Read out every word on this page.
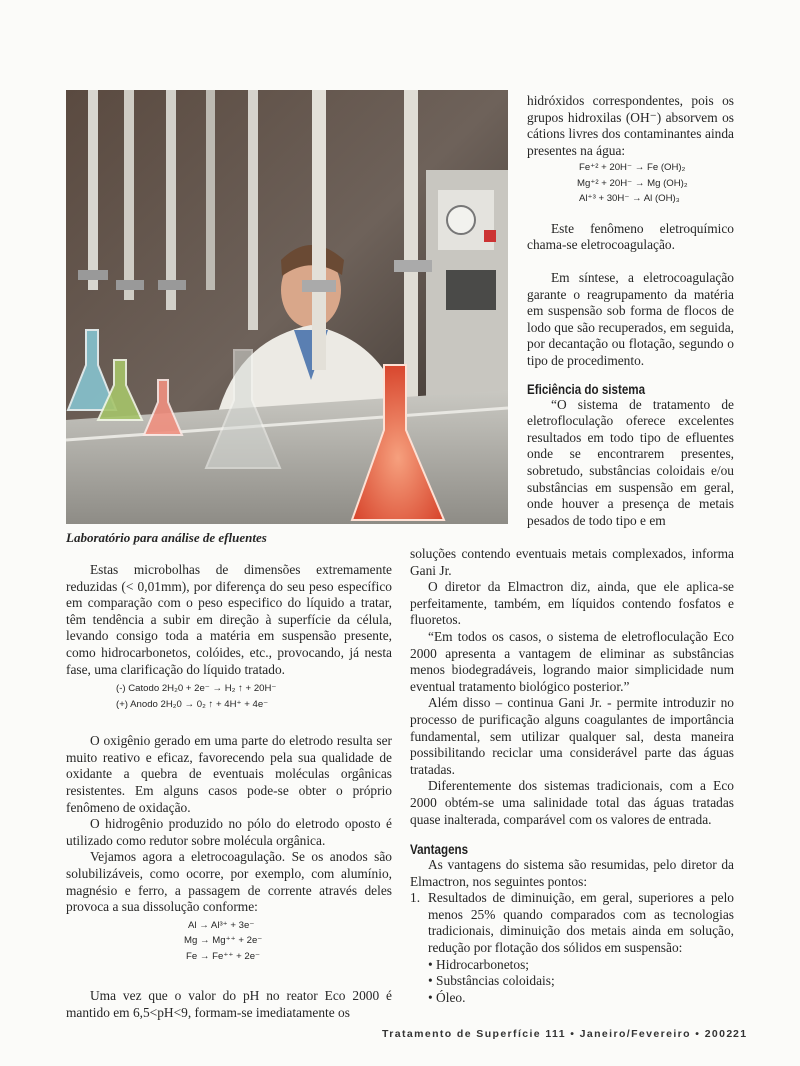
Laboratório para análise de efluentes

Estas microbolhas de dimensões extremamente reduzidas (< 0,01mm), por diferença do seu peso específico em comparação com o peso especifico do líquido a tratar, têm tendência a subir em direção à superfície da célula, levando consigo toda a matéria em suspensão presente, como hidrocarbonetos, colóides, etc., provocando, já nesta fase, uma clarificação do líquido tratado.

(-) Catodo 2H₂0 + 2e⁻ → H₂ ↑ + 20H⁻
(+) Anodo 2H₂0 → 0₂ ↑ + 4H⁺ + 4e⁻

O oxigênio gerado em uma parte do eletrodo resulta ser muito reativo e eficaz, favorecendo pela sua qualidade de oxidante a quebra de eventuais moléculas orgânicas resistentes. Em alguns casos pode-se obter o próprio fenômeno de oxidação.

O hidrogênio produzido no pólo do eletrodo oposto é utilizado como redutor sobre molécula orgânica.

Vejamos agora a eletrocoagulação. Se os anodos são solubilizáveis, como ocorre, por exemplo, com alumínio, magnésio e ferro, a passagem de corrente através deles provoca a sua dissolução conforme:

Al → Al³⁺ + 3e⁻
Mg → Mg⁺⁺ + 2e⁻
Fe → Fe⁺⁺ + 2e⁻

Uma vez que o valor do pH no reator Eco 2000 é mantido em 6,5<pH<9, formam-se imediatamente os

hidróxidos correspondentes, pois os grupos hidroxilas (OH⁻) absorvem os cátions livres dos contaminantes ainda presentes na água:

Fe⁺² + 20H⁻ → Fe (OH)₂
Mg⁺² + 20H⁻ → Mg (OH)₂
Al⁺³ + 30H⁻ → Al (OH)₃

Este fenômeno eletroquímico chama-se eletrocoagulação.

Em síntese, a eletrocoagulação garante o reagrupamento da matéria em suspensão sob forma de flocos de lodo que são recuperados, em seguida, por decantação ou flotação, segundo o tipo de procedimento.

Eficiência do sistema

“O sistema de tratamento de eletrofloculação oferece excelentes resultados em todo tipo de efluentes onde se encontrarem presentes, sobretudo, substâncias coloidais e/ou substâncias em suspensão em geral, onde houver a presença de metais pesados de todo tipo e em

soluções contendo eventuais metais complexados, informa Gani Jr.

O diretor da Elmactron diz, ainda, que ele aplica-se perfeitamente, também, em líquidos contendo fosfatos e fluoretos.

“Em todos os casos, o sistema de eletrofloculação Eco 2000 apresenta a vantagem de eliminar as substâncias menos biodegradáveis, logrando maior simplicidade num eventual tratamento biológico posterior.”

Além disso – continua Gani Jr. - permite introduzir no processo de purificação alguns coagulantes de importância fundamental, sem utilizar qualquer sal, desta maneira possibilitando reciclar uma considerável parte das águas tratadas.

Diferentemente dos sistemas tradicionais, com a Eco 2000 obtém-se uma salinidade total das águas tratadas quase inalterada, comparável com os valores de entrada.

Vantagens

As vantagens do sistema são resumidas, pelo diretor da Elmactron, nos seguintes pontos:

1. Resultados de diminuição, em geral, superiores a pelo menos 25% quando comparados com as tecnologias tradicionais, diminuição dos metais ainda em solução, redução por flotação dos sólidos em suspensão:

• Hidrocarbonetos;
• Substâncias coloidais;
• Óleo.
Tratamento de Superfície 111 • Janeiro/Fevereiro • 2002 21
